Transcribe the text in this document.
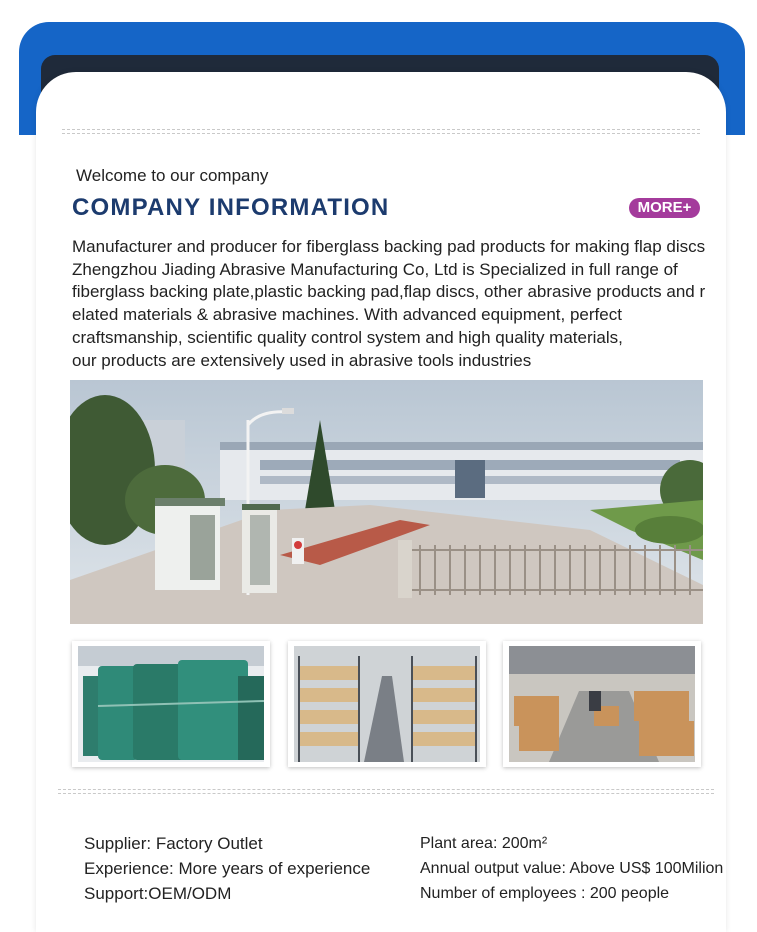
Welcome to our company
COMPANY INFORMATION	MORE+
Manufacturer and producer for fiberglass backing pad products for making flap discs
Zhengzhou Jiading Abrasive Manufacturing Co, Ltd is Specialized in full range of
fiberglass backing plate,plastic backing pad,flap discs, other abrasive products and r
elated materials & abrasive machines. With advanced equipment, perfect
craftsmanship, scientific quality control system and high quality materials,
our products are extensively used in abrasive tools industries
Supplier: Factory Outlet
Experience: More years of experience
Support:OEM/ODM
Plant area: 200m²
Annual output value: Above US$ 100Milion
Number of employees : 200 people
